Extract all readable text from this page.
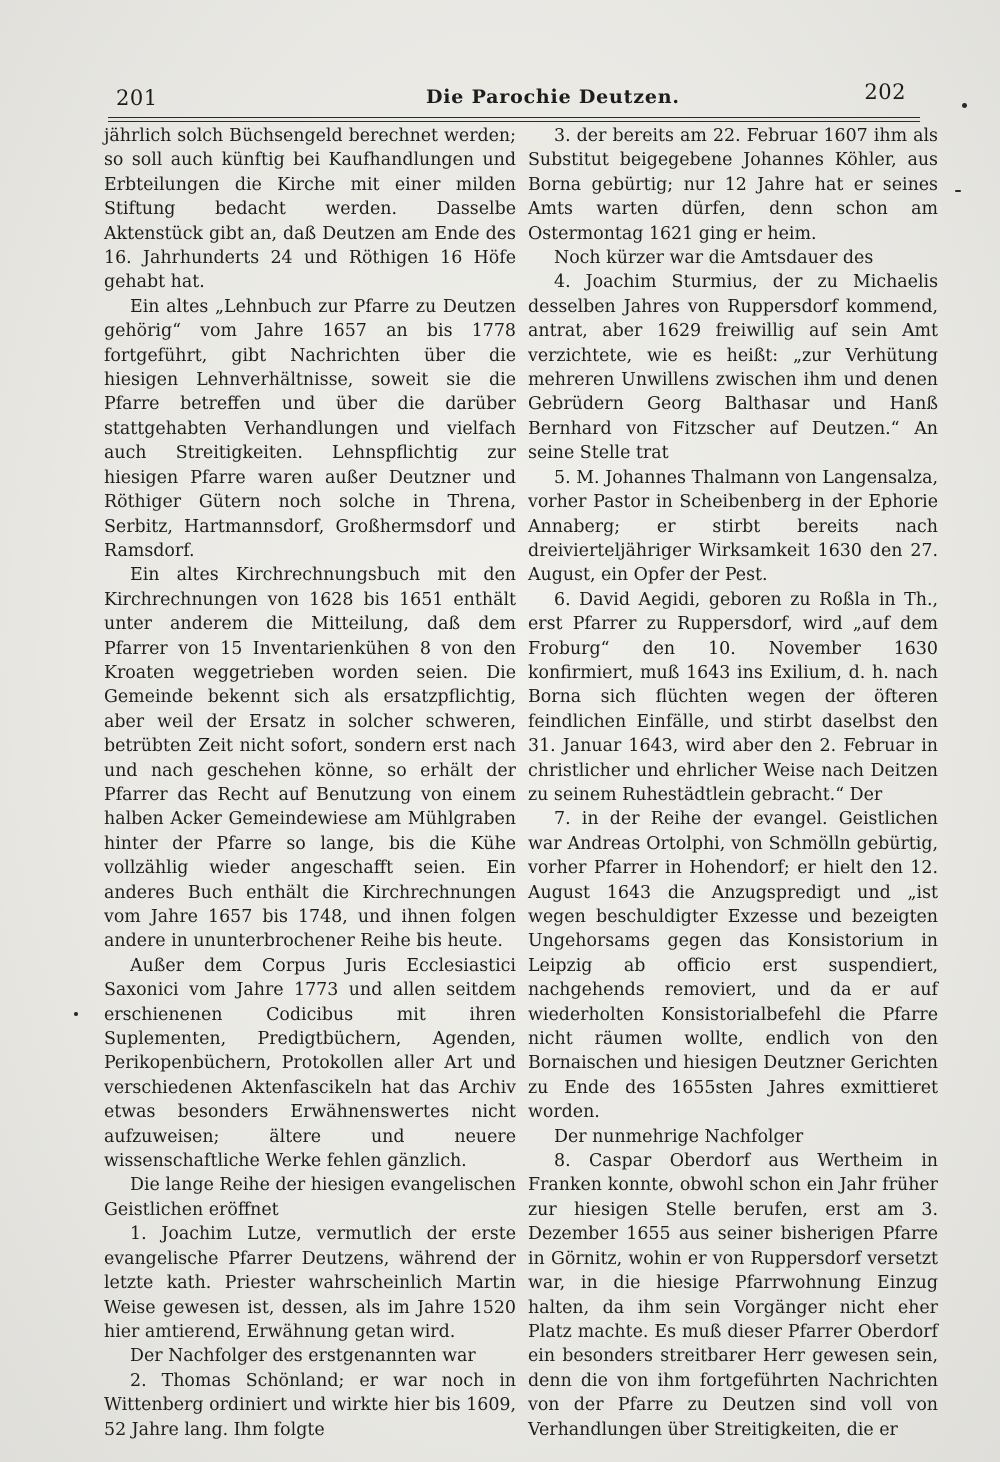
201	Die Parochie Deutzen.	202

jährlich solch Büchsengeld berechnet werden; so soll auch künftig bei Kaufhandlungen und Erbteilungen die Kirche mit einer milden Stiftung bedacht werden. Dasselbe Aktenstück gibt an, daß Deutzen am Ende des 16. Jahrhunderts 24 und Röthigen 16 Höfe gehabt hat.

Ein altes „Lehnbuch zur Pfarre zu Deutzen gehörig“ vom Jahre 1657 an bis 1778 fortgeführt, gibt Nachrichten über die hiesigen Lehnverhältnisse, soweit sie die Pfarre betreffen und über die darüber stattgehabten Verhandlungen und vielfach auch Streitigkeiten. Lehnspflichtig zur hiesigen Pfarre waren außer Deutzner und Röthiger Gütern noch solche in Threna, Serbitz, Hartmannsdorf, Großhermsdorf und Ramsdorf.

Ein altes Kirchrechnungsbuch mit den Kirchrechnungen von 1628 bis 1651 enthält unter anderem die Mitteilung, daß dem Pfarrer von 15 Inventarienkühen 8 von den Kroaten weggetrieben worden seien. Die Gemeinde bekennt sich als ersatzpflichtig, aber weil der Ersatz in solcher schweren, betrübten Zeit nicht sofort, sondern erst nach und nach geschehen könne, so erhält der Pfarrer das Recht auf Benutzung von einem halben Acker Gemeindewiese am Mühlgraben hinter der Pfarre so lange, bis die Kühe vollzählig wieder angeschafft seien. Ein anderes Buch enthält die Kirchrechnungen vom Jahre 1657 bis 1748, und ihnen folgen andere in ununterbrochener Reihe bis heute.

Außer dem Corpus Juris Ecclesiastici Saxonici vom Jahre 1773 und allen seitdem erschienenen Codicibus mit ihren Suplementen, Predigtbüchern, Agenden, Perikopenbüchern, Protokollen aller Art und verschiedenen Aktenfascikeln hat das Archiv etwas besonders Erwähnenswertes nicht aufzuweisen; ältere und neuere wissenschaftliche Werke fehlen gänzlich.

Die lange Reihe der hiesigen evangelischen Geistlichen eröffnet

1. Joachim Lutze, vermutlich der erste evangelische Pfarrer Deutzens, während der letzte kath. Priester wahrscheinlich Martin Weise gewesen ist, dessen, als im Jahre 1520 hier amtierend, Erwähnung getan wird.

Der Nachfolger des erstgenannten war

2. Thomas Schönland; er war noch in Wittenberg ordiniert und wirkte hier bis 1609, 52 Jahre lang. Ihm folgte

3. der bereits am 22. Februar 1607 ihm als Substitut beigegebene Johannes Köhler, aus Borna gebürtig; nur 12 Jahre hat er seines Amts warten dürfen, denn schon am Ostermontag 1621 ging er heim.

Noch kürzer war die Amtsdauer des

4. Joachim Sturmius, der zu Michaelis desselben Jahres von Ruppersdorf kommend, antrat, aber 1629 freiwillig auf sein Amt verzichtete, wie es heißt: „zur Verhütung mehreren Unwillens zwischen ihm und denen Gebrüdern Georg Balthasar und Hanß Bernhard von Fitzscher auf Deutzen.“ An seine Stelle trat

5. M. Johannes Thalmann von Langensalza, vorher Pastor in Scheibenberg in der Ephorie Annaberg; er stirbt bereits nach dreivierteljähriger Wirksamkeit 1630 den 27. August, ein Opfer der Pest.

6. David Aegidi, geboren zu Roßla in Th., erst Pfarrer zu Ruppersdorf, wird „auf dem Froburg“ den 10. November 1630 konfirmiert, muß 1643 ins Exilium, d. h. nach Borna sich flüchten wegen der öfteren feindlichen Einfälle, und stirbt daselbst den 31. Januar 1643, wird aber den 2. Februar in christlicher und ehrlicher Weise nach Deitzen zu seinem Ruhestädtlein gebracht.“ Der

7. in der Reihe der evangel. Geistlichen war Andreas Ortolphi, von Schmölln gebürtig, vorher Pfarrer in Hohendorf; er hielt den 12. August 1643 die Anzugspredigt und „ist wegen beschuldigter Exzesse und bezeigten Ungehorsams gegen das Konsistorium in Leipzig ab officio erst suspendiert, nachgehends removiert, und da er auf wiederholten Konsistorialbefehl die Pfarre nicht räumen wollte, endlich von den Bornaischen und hiesigen Deutzner Gerichten zu Ende des 1655sten Jahres exmittieret worden.

Der nunmehrige Nachfolger

8. Caspar Oberdorf aus Wertheim in Franken konnte, obwohl schon ein Jahr früher zur hiesigen Stelle berufen, erst am 3. Dezember 1655 aus seiner bisherigen Pfarre in Görnitz, wohin er von Ruppersdorf versetzt war, in die hiesige Pfarrwohnung Einzug halten, da ihm sein Vorgänger nicht eher Platz machte. Es muß dieser Pfarrer Oberdorf ein besonders streitbarer Herr gewesen sein, denn die von ihm fortgeführten Nachrichten von der Pfarre zu Deutzen sind voll von Verhandlungen über Streitigkeiten, die er
